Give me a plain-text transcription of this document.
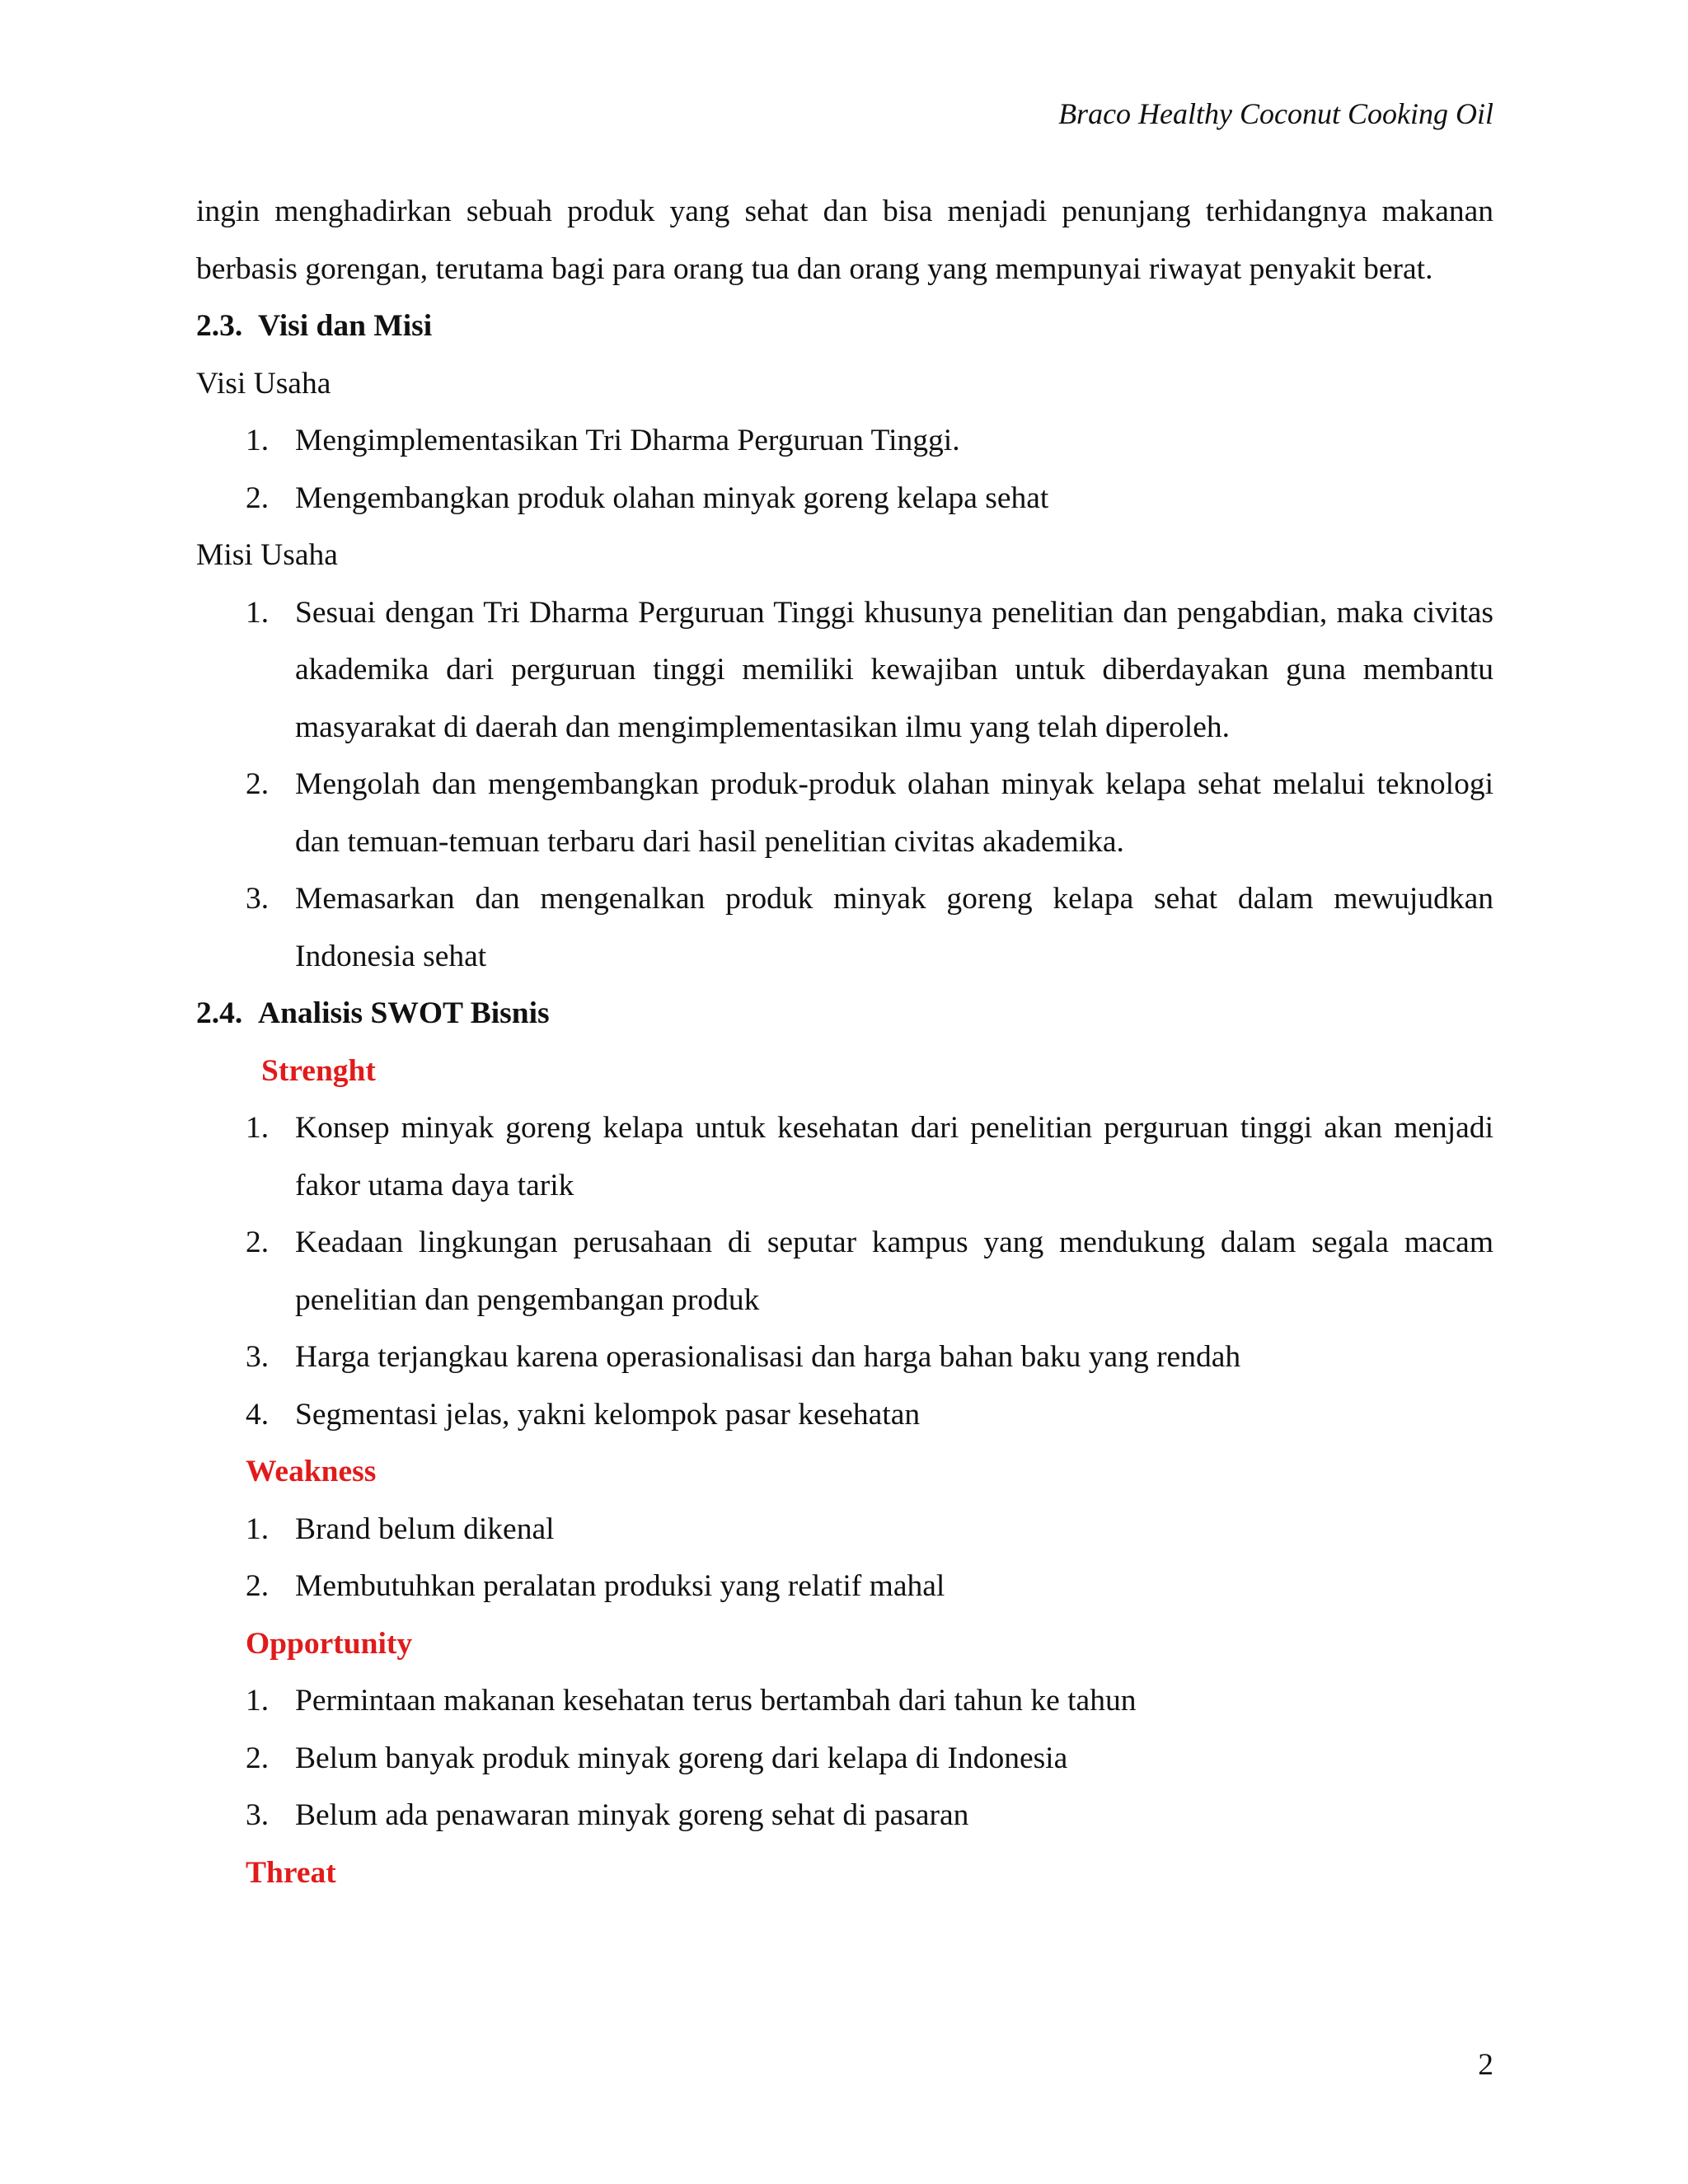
Braco Healthy Coconut Cooking Oil

ingin menghadirkan sebuah produk yang sehat dan bisa menjadi penunjang terhidangnya makanan berbasis gorengan, terutama bagi para orang tua dan orang yang mempunyai riwayat penyakit berat.

2.3. Visi dan Misi

Visi Usaha

1. Mengimplementasikan Tri Dharma Perguruan Tinggi.
2. Mengembangkan produk olahan minyak goreng kelapa sehat

Misi Usaha

1. Sesuai dengan Tri Dharma Perguruan Tinggi khusunya penelitian dan pengabdian, maka civitas akademika dari perguruan tinggi memiliki kewajiban untuk diberdayakan guna membantu masyarakat di daerah dan mengimplementasikan ilmu yang telah diperoleh.
2. Mengolah dan mengembangkan produk-produk olahan minyak kelapa sehat melalui teknologi dan temuan-temuan terbaru dari hasil penelitian civitas akademika.
3. Memasarkan dan mengenalkan produk minyak goreng kelapa sehat dalam mewujudkan Indonesia sehat

2.4. Analisis SWOT Bisnis

Strenght

1. Konsep minyak goreng kelapa untuk kesehatan dari penelitian perguruan tinggi akan menjadi fakor utama daya tarik
2. Keadaan lingkungan perusahaan di seputar kampus yang mendukung dalam segala macam penelitian dan pengembangan produk
3. Harga terjangkau karena operasionalisasi dan harga bahan baku yang rendah
4. Segmentasi jelas, yakni kelompok pasar kesehatan

Weakness

1. Brand belum dikenal
2. Membutuhkan peralatan produksi yang relatif mahal

Opportunity

1. Permintaan makanan kesehatan terus bertambah dari tahun ke tahun
2. Belum banyak produk minyak goreng dari kelapa di Indonesia
3. Belum ada penawaran minyak goreng sehat di pasaran

Threat

2
